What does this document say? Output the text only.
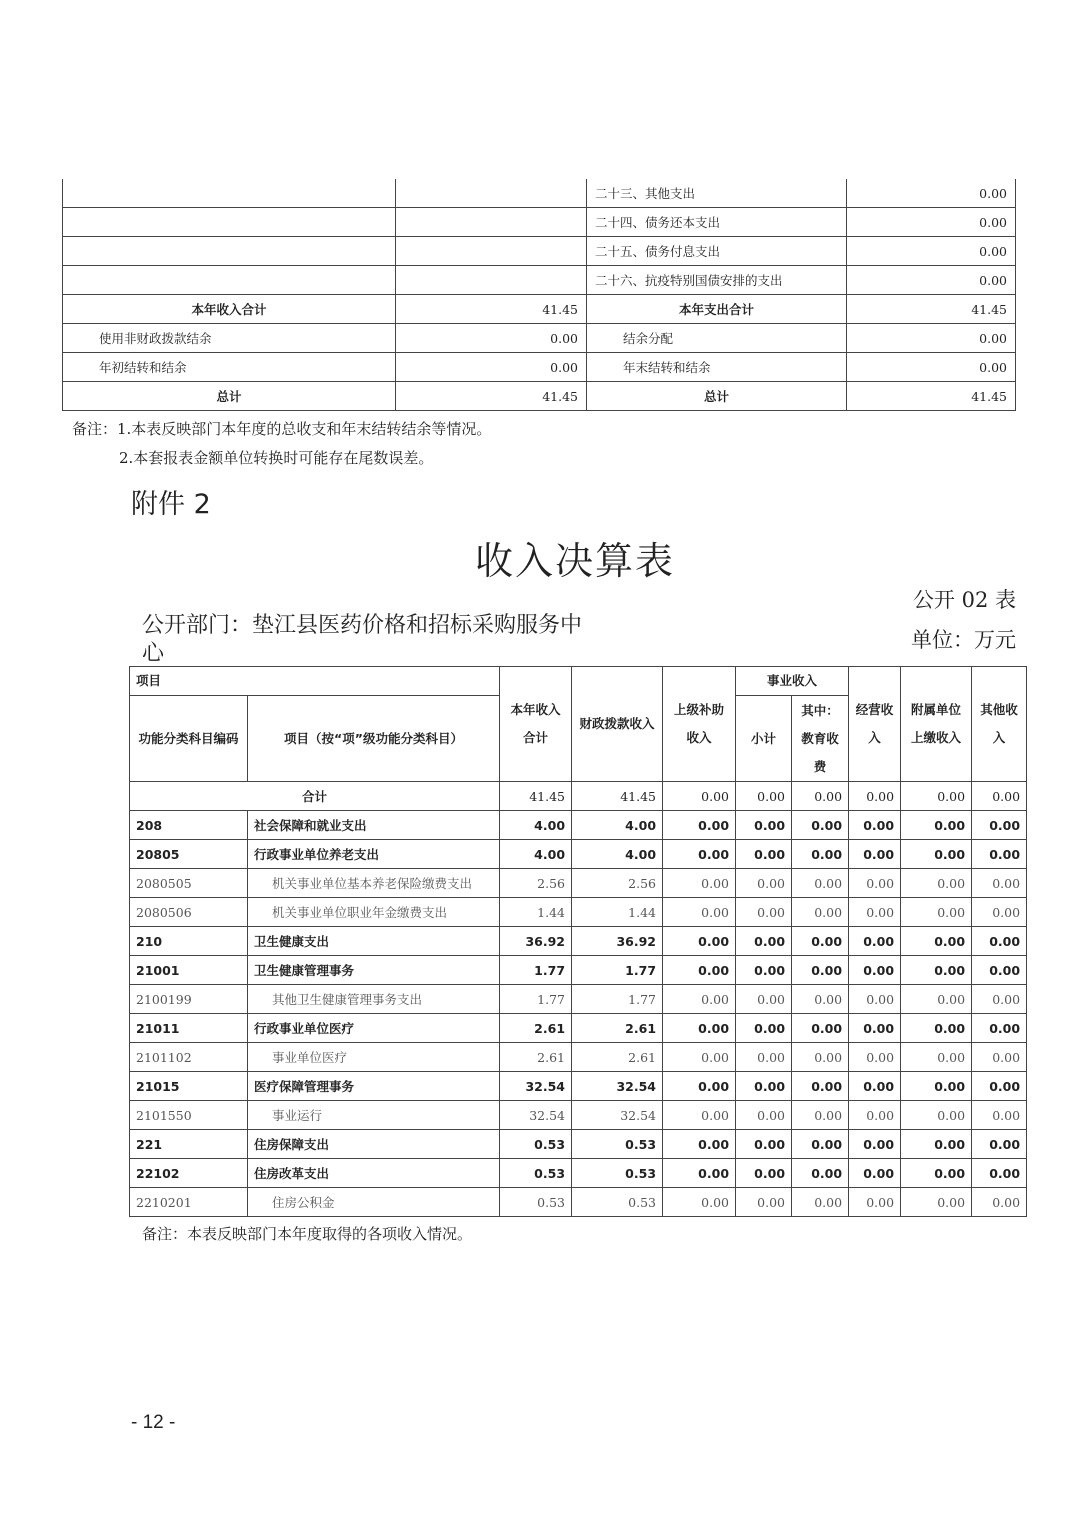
		二十三、其他支出	0.00
		二十四、债务还本支出	0.00
		二十五、债务付息支出	0.00
		二十六、抗疫特别国债安排的支出	0.00
本年收入合计	41.45	本年支出合计	41.45
使用非财政拨款结余	0.00	结余分配	0.00
年初结转和结余	0.00	年末结转和结余	0.00
总计	41.45	总计	41.45
备注：1.本表反映部门本年度的总收支和年末结转结余等情况。
2.本套报表金额单位转换时可能存在尾数误差。
附件 2
收入决算表
公开 02 表
公开部门：垫江县医药价格和招标采购服务中
心
单位：万元
项目		本年收入合计	财政拨款收入	上级补助收入	事业收入		经营收入	附属单位上缴收入	其他收入
功能分类科目编码	项目（按“项”级功能分类科目）				小计	其中：教育收费			
合计		41.45	41.45	0.00	0.00	0.00	0.00	0.00	0.00
208	社会保障和就业支出	4.00	4.00	0.00	0.00	0.00	0.00	0.00	0.00
20805	行政事业单位养老支出	4.00	4.00	0.00	0.00	0.00	0.00	0.00	0.00
2080505	机关事业单位基本养老保险缴费支出	2.56	2.56	0.00	0.00	0.00	0.00	0.00	0.00
2080506	机关事业单位职业年金缴费支出	1.44	1.44	0.00	0.00	0.00	0.00	0.00	0.00
210	卫生健康支出	36.92	36.92	0.00	0.00	0.00	0.00	0.00	0.00
21001	卫生健康管理事务	1.77	1.77	0.00	0.00	0.00	0.00	0.00	0.00
2100199	其他卫生健康管理事务支出	1.77	1.77	0.00	0.00	0.00	0.00	0.00	0.00
21011	行政事业单位医疗	2.61	2.61	0.00	0.00	0.00	0.00	0.00	0.00
2101102	事业单位医疗	2.61	2.61	0.00	0.00	0.00	0.00	0.00	0.00
21015	医疗保障管理事务	32.54	32.54	0.00	0.00	0.00	0.00	0.00	0.00
2101550	事业运行	32.54	32.54	0.00	0.00	0.00	0.00	0.00	0.00
221	住房保障支出	0.53	0.53	0.00	0.00	0.00	0.00	0.00	0.00
22102	住房改革支出	0.53	0.53	0.00	0.00	0.00	0.00	0.00	0.00
2210201	住房公积金	0.53	0.53	0.00	0.00	0.00	0.00	0.00	0.00
备注：本表反映部门本年度取得的各项收入情况。
- 12 -
